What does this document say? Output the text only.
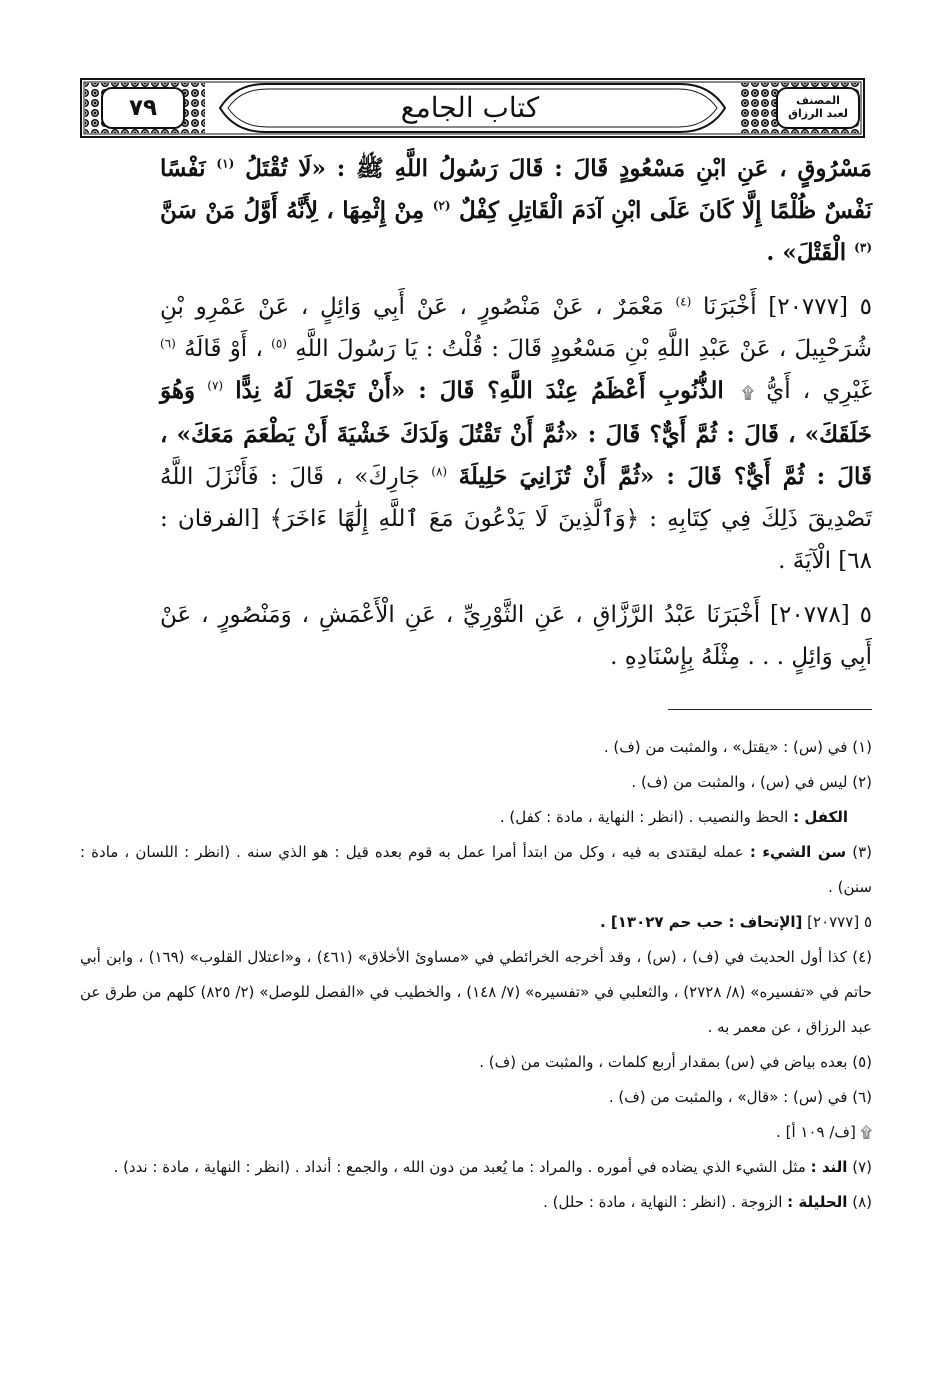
٧٩	كتاب الجامع	المصنف
لعبد الرزاق

مَسْرُوقٍ ، عَنِ ابْنِ مَسْعُودٍ قَالَ : قَالَ رَسُولُ اللَّهِ ﷺ : «لَا تُقْتَلُ $^{(١)}$ نَفْسًا نَفْسٌ ظُلْمًا إِلَّا كَانَ عَلَى ابْنِ آدَمَ الْقَاتِلِ كِفْلٌ $^{(٢)}$ مِنْ إِثْمِهَا ، لِأَنَّهُ أَوَّلُ مَنْ سَنَّ $^{(٣)}$ الْقَتْلَ» .

٥ [٢٠٧٧٧] أَخْبَرَنَا $^{(٤)}$ مَعْمَرٌ ، عَنْ مَنْصُورٍ ، عَنْ أَبِي وَائِلٍ ، عَنْ عَمْرِو بْنِ شُرَحْبِيلَ ، عَنْ عَبْدِ اللَّهِ بْنِ مَسْعُودٍ قَالَ : قُلْتُ : يَا رَسُولَ اللَّهِ $^{(٥)}$ ، أَوْ قَالَهُ $^{(٦)}$ غَيْرِي ، أَيُّ ۩ الذُّنُوبِ أَعْظَمُ عِنْدَ اللَّهِ؟ قَالَ : «أَنْ تَجْعَلَ لَهُ نِدًّا $^{(٧)}$ وَهُوَ خَلَقَكَ» ، قَالَ : ثُمَّ أَيٌّ؟ قَالَ : «ثُمَّ أَنْ تَقْتُلَ وَلَدَكَ خَشْيَةَ أَنْ يَطْعَمَ مَعَكَ» ، قَالَ : ثُمَّ أَيٌّ؟ قَالَ : «ثُمَّ أَنْ تُزَانِيَ حَلِيلَةَ $^{(٨)}$ جَارِكَ» ، قَالَ : فَأَنْزَلَ اللَّهُ تَصْدِيقَ ذَلِكَ فِي كِتَابِهِ : ﴿وَٱلَّذِينَ لَا يَدْعُونَ مَعَ ٱللَّهِ إِلَٰهًا ءَاخَرَ﴾ [الفرقان : ٦٨] الْآيَةَ .

٥ [٢٠٧٧٨] أَخْبَرَنَا عَبْدُ الرَّزَّاقِ ، عَنِ الثَّوْرِيِّ ، عَنِ الْأَعْمَشِ ، وَمَنْصُورٍ ، عَنْ أَبِي وَائِلٍ . . . مِثْلَهُ بِإِسْنَادِهِ .

(١) في (س) : «يقتل» ، والمثبت من (ف) .

(٢) ليس في (س) ، والمثبت من (ف) .

الكفل : الحظ والنصيب . (انظر : النهاية ، مادة : كفل) .

(٣) سن الشيء : عمله ليقتدى به فيه ، وكل من ابتدأ أمرا عمل به قوم بعده قيل : هو الذي سنه . (انظر : اللسان ، مادة : سنن) .

٥ [٢٠٧٧٧] [الإتحاف : حب حم ١٣٠٢٧] .

(٤) كذا أول الحديث في (ف) ، (س) ، وقد أخرجه الخرائطي في «مساوئ الأخلاق» (٤٦١) ، و«اعتلال القلوب» (١٦٩) ، وابن أبي حاتم في «تفسيره» (٨/ ٢٧٢٨) ، والثعلبي في «تفسيره» (٧/ ١٤٨) ، والخطيب في «الفصل للوصل» (٢/ ٨٢٥) كلهم من طرق عن عبد الرزاق ، عن معمر به .

(٥) بعده بياض في (س) بمقدار أربع كلمات ، والمثبت من (ف) .

(٦) في (س) : «قال» ، والمثبت من (ف) .

۩ [ف/ ١٠٩ أ] .

(٧) الند : مثل الشيء الذي يضاده في أموره . والمراد : ما يُعبد من دون الله ، والجمع : أنداد . (انظر : النهاية ، مادة : ندد) .

(٨) الحليلة : الزوجة . (انظر : النهاية ، مادة : حلل) .
